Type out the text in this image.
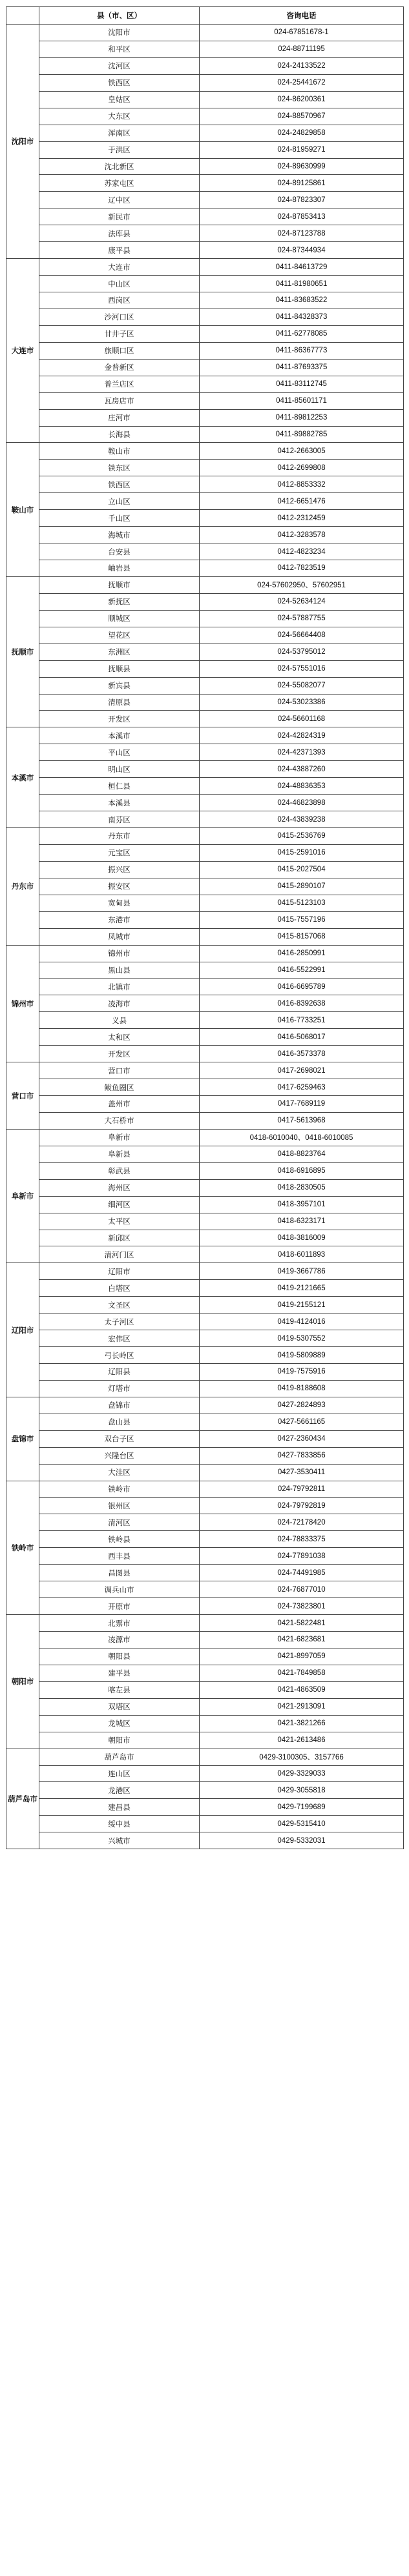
	县（市、区）	咨询电话
沈阳市	沈阳市	024-67851678-1
	和平区	024-88711195
	沈河区	024-24133522
	铁西区	024-25441672
	皇姑区	024-86200361
	大东区	024-88570967
	浑南区	024-24829858
	于洪区	024-81959271
	沈北新区	024-89630999
	苏家屯区	024-89125861
	辽中区	024-87823307
	新民市	024-87853413
	法库县	024-87123788
	康平县	024-87344934
大连市	大连市	0411-84613729
	中山区	0411-81980651
	西岗区	0411-83683522
	沙河口区	0411-84328373
	甘井子区	0411-62778085
	旅顺口区	0411-86367773
	金普新区	0411-87693375
	普兰店区	0411-83112745
	瓦房店市	0411-85601171
	庄河市	0411-89812253
	长海县	0411-89882785
鞍山市	鞍山市	0412-2663005
	铁东区	0412-2699808
	铁西区	0412-8853332
	立山区	0412-6651476
	千山区	0412-2312459
	海城市	0412-3283578
	台安县	0412-4823234
	岫岩县	0412-7823519
抚顺市	抚顺市	024-57602950、57602951
	新抚区	024-52634124
	顺城区	024-57887755
	望花区	024-56664408
	东洲区	024-53795012
	抚顺县	024-57551016
	新宾县	024-55082077
	清原县	024-53023386
	开发区	024-56601168
本溪市	本溪市	024-42824319
	平山区	024-42371393
	明山区	024-43887260
	桓仁县	024-48836353
	本溪县	024-46823898
	南芬区	024-43839238
丹东市	丹东市	0415-2536769
	元宝区	0415-2591016
	振兴区	0415-2027504
	振安区	0415-2890107
	宽甸县	0415-5123103
	东港市	0415-7557196
	凤城市	0415-8157068
锦州市	锦州市	0416-2850991
	黑山县	0416-5522991
	北镇市	0416-6695789
	凌海市	0416-8392638
	义县	0416-7733251
	太和区	0416-5068017
	开发区	0416-3573378
营口市	营口市	0417-2698021
	鲅鱼圈区	0417-6259463
	盖州市	0417-7689119
	大石桥市	0417-5613968
阜新市	阜新市	0418-6010040、0418-6010085
	阜新县	0418-8823764
	彰武县	0418-6916895
	海州区	0418-2830505
	细河区	0418-3957101
	太平区	0418-6323171
	新邱区	0418-3816009
	清河门区	0418-6011893
辽阳市	辽阳市	0419-3667786
	白塔区	0419-2121665
	文圣区	0419-2155121
	太子河区	0419-4124016
	宏伟区	0419-5307552
	弓长岭区	0419-5809889
	辽阳县	0419-7575916
	灯塔市	0419-8188608
盘锦市	盘锦市	0427-2824893
	盘山县	0427-5661165
	双台子区	0427-2360434
	兴隆台区	0427-7833856
	大洼区	0427-3530411
铁岭市	铁岭市	024-79792811
	银州区	024-79792819
	清河区	024-72178420
	铁岭县	024-78833375
	西丰县	024-77891038
	昌图县	024-74491985
	调兵山市	024-76877010
	开原市	024-73823801
朝阳市	北票市	0421-5822481
	凌源市	0421-6823681
	朝阳县	0421-8997059
	建平县	0421-7849858
	喀左县	0421-4863509
	双塔区	0421-2913091
	龙城区	0421-3821266
	朝阳市	0421-2613486
葫芦岛市	葫芦岛市	0429-3100305、3157766
	连山区	0429-3329033
	龙港区	0429-3055818
	建昌县	0429-7199689
	绥中县	0429-5315410
	兴城市	0429-5332031
